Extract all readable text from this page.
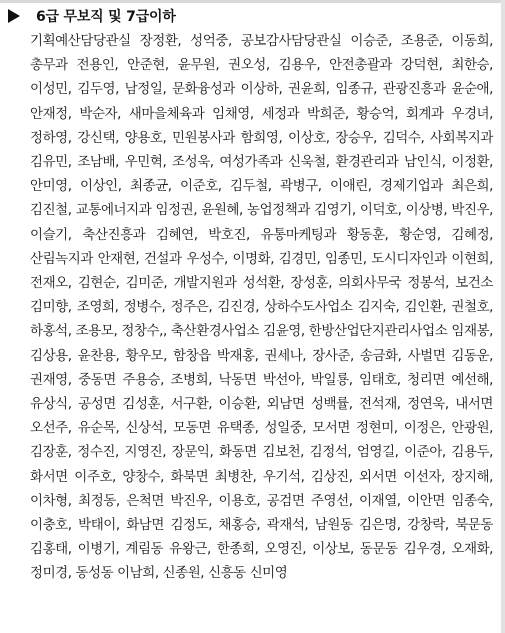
6급 무보직 및 7급이하
기획예산담당관실 장정환, 성억중, 공보감사담당관실 이승준, 조용준, 이동희, 총무과 전용인, 안준현, 윤무원, 권오성, 김용우, 안전총괄과 강덕현, 최한승, 이성민, 김두영, 남정일, 문화융성과 이상하, 권윤희, 임종규, 관광진흥과 윤순애, 안재정, 박순자, 새마을체육과 임채영, 세정과 박희준, 황승억, 회계과 우경녀, 정하영, 강신택, 양용호, 민원봉사과 함희영, 이상호, 장승우, 김덕수, 사회복지과 김유민, 조남배, 우민혁, 조성욱, 여성가족과 신욱철, 환경관리과 남인식, 이정환, 안미영, 이상인, 최종균, 이준호, 김두철, 곽병구, 이애린, 경제기업과 최은희, 김진철, 교통에너지과 임정권, 윤원혜, 농업정책과 김영기, 이덕호, 이상병, 박진우, 이슬기, 축산진흥과 김혜연, 박호진, 유통마케팅과 황동훈, 황순영, 김혜정, 산림녹지과 안재현, 건설과 우성수, 이명화, 김경민, 임종민, 도시디자인과 이현희, 전재오, 김현순, 김미준, 개발지원과 성석환, 장성훈, 의회사무국 정봉석, 보건소 김미향, 조영희, 정병수, 정주은, 김진경, 상하수도사업소 김지숙, 김인환, 권철호, 하홍석, 조용모, 정창수,, 축산환경사업소 김윤영, 한방산업단지관리사업소 임재봉, 김상용, 윤찬용, 황우모, 함창읍 박재홍, 권세나, 장사준, 송금화, 사벌면 김동운, 권재영, 중동면 주용승, 조병희, 낙동면 박선아, 박일룡, 임태호, 청리면 예선해, 유상식, 공성면 김성훈, 서구환, 이승환, 외남면 성백률, 전석재, 정연욱, 내서면 오선주, 유순목, 신상석, 모동면 유택종, 성일중, 모서면 정현미, 이정은, 안광원, 김장훈, 정수진, 지영진, 장문익, 화동면 김보천, 김정석, 엄영길, 이준아, 김용두, 화서면 이주호, 양창수, 화북면 최병찬, 우기석, 김상진, 외서면 이선자, 장지해, 이차형, 최정동, 은척면 박진우, 이용호, 공검면 주영선, 이재열, 이안면 임종숙, 이충호, 박태이, 화남면 김정도, 채홍승, 곽재석, 남원동 김은명, 강창락, 북문동 김홍태, 이병기, 계림동 유왕근, 한종희, 오영진, 이상보, 동문동 김우경, 오재화, 정미경, 동성동 이남희, 신종원, 신흥동 신미영
